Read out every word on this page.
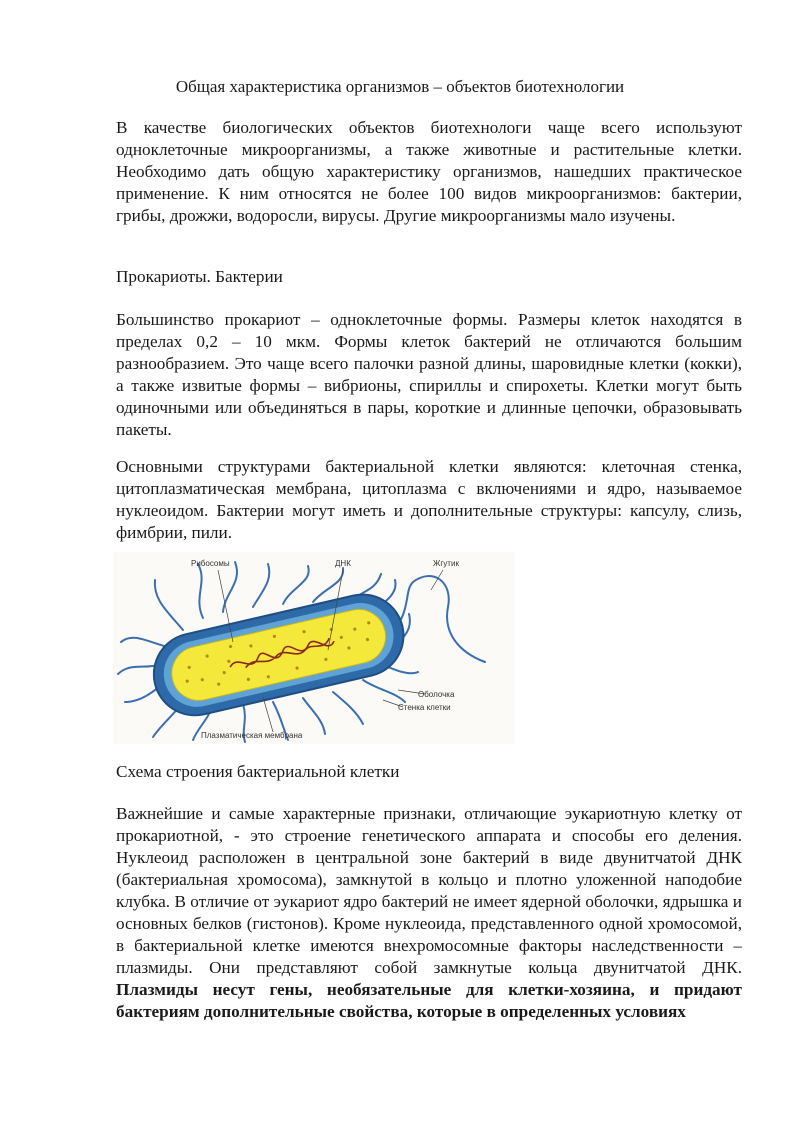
Общая характеристика организмов – объектов биотехнологии

В качестве биологических объектов биотехнологи чаще всего используют одноклеточные микроорганизмы, а также животные и растительные клетки. Необходимо дать общую характеристику организмов, нашедших практическое применение. К ним относятся не более 100 видов микроорганизмов: бактерии, грибы, дрожжи, водоросли, вирусы. Другие микроорганизмы мало изучены.

Прокариоты. Бактерии

Большинство прокариот – одноклеточные формы. Размеры клеток находятся в пределах 0,2 – 10 мкм. Формы клеток бактерий не отличаются большим разнообразием. Это чаще всего палочки разной длины, шаровидные клетки (кокки), а также извитые формы – вибрионы, спириллы и спирохеты. Клетки могут быть одиночными или объединяться в пары, короткие и длинные цепочки, образовывать пакеты.

Основными структурами бактериальной клетки являются: клеточная стенка, цитоплазматическая мембрана, цитоплазма с включениями и ядро, называемое нуклеоидом. Бактерии могут иметь и дополнительные структуры: капсулу, слизь, фимбрии, пили.

Рибосомы	ДНК	Жгутик
Оболочка
Стенка клетки
Плазматическая мембрана

Схема строения бактериальной клетки

Важнейшие и самые характерные признаки, отличающие эукариотную клетку от прокариотной, - это строение генетического аппарата и способы его деления. Нуклеоид расположен в центральной зоне бактерий в виде двунитчатой ДНК (бактериальная хромосома), замкнутой в кольцо и плотно уложенной наподобие клубка. В отличие от эукариот ядро бактерий не имеет ядерной оболочки, ядрышка и основных белков (гистонов). Кроме нуклеоида, представленного одной хромосомой, в бактериальной клетке имеются внехромосомные факторы наследственности – плазмиды. Они представляют собой замкнутые кольца двунитчатой ДНК. Плазмиды несут гены, необязательные для клетки-хозяина, и придают бактериям дополнительные свойства, которые в определенных условиях
